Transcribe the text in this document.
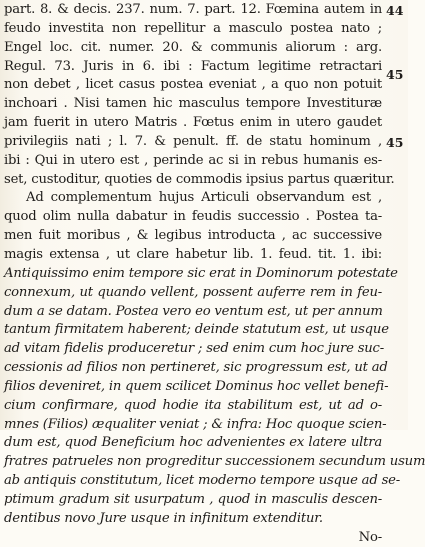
part. 8. & decis. 237. num. 7. part. 12. Fœmina autem in
feudo investita non repellitur a masculo postea nato ;
Engel loc. cit. numer. 20. & communis aliorum : arg.
Regul. 73. Juris in 6. ibi : Factum legitime retractari
non debet , licet casus postea eveniat , a quo non potuit
inchoari . Nisi tamen hic masculus tempore Investituræ
jam fuerit in utero Matris . Fœtus enim in utero gaudet
privilegiis nati ; l. 7. & penult. ff. de statu hominum ,
ibi : Qui in utero est , perinde ac si in rebus humanis es-
set, custoditur, quoties de commodis ipsius partus quæritur.
Ad complementum hujus Articuli observandum est ,
quod olim nulla dabatur in feudis successio . Postea ta-
men fuit moribus , & legibus introducta , ac successive
magis extensa , ut clare habetur lib. 1. feud. tit. 1. ibi:
Antiquissimo enim tempore sic erat in Dominorum potestate
connexum, ut quando vellent, possent auferre rem in feu-
dum a se datam. Postea vero eo ventum est, ut per annum
tantum firmitatem haberent; deinde statutum est, ut usque
ad vitam fidelis produceretur ; sed enim cum hoc jure suc-
cessionis ad filios non pertineret, sic progressum est, ut ad
filios deveniret, in quem scilicet Dominus hoc vellet benefi-
cium confirmare, quod hodie ita stabilitum est, ut ad o-
mnes (Filios) æqualiter veniat ; & infra: Hoc quoque scien-
dum est, quod Beneficium hoc advenientes ex latere ultra
fratres patrueles non progreditur successionem secundum usum
ab antiquis constitutum, licet moderno tempore usque ad se-
ptimum gradum sit usurpatum , quod in masculis descen-
dentibus novo Jure usque in infinitum extenditur.
No-
44
45
45
